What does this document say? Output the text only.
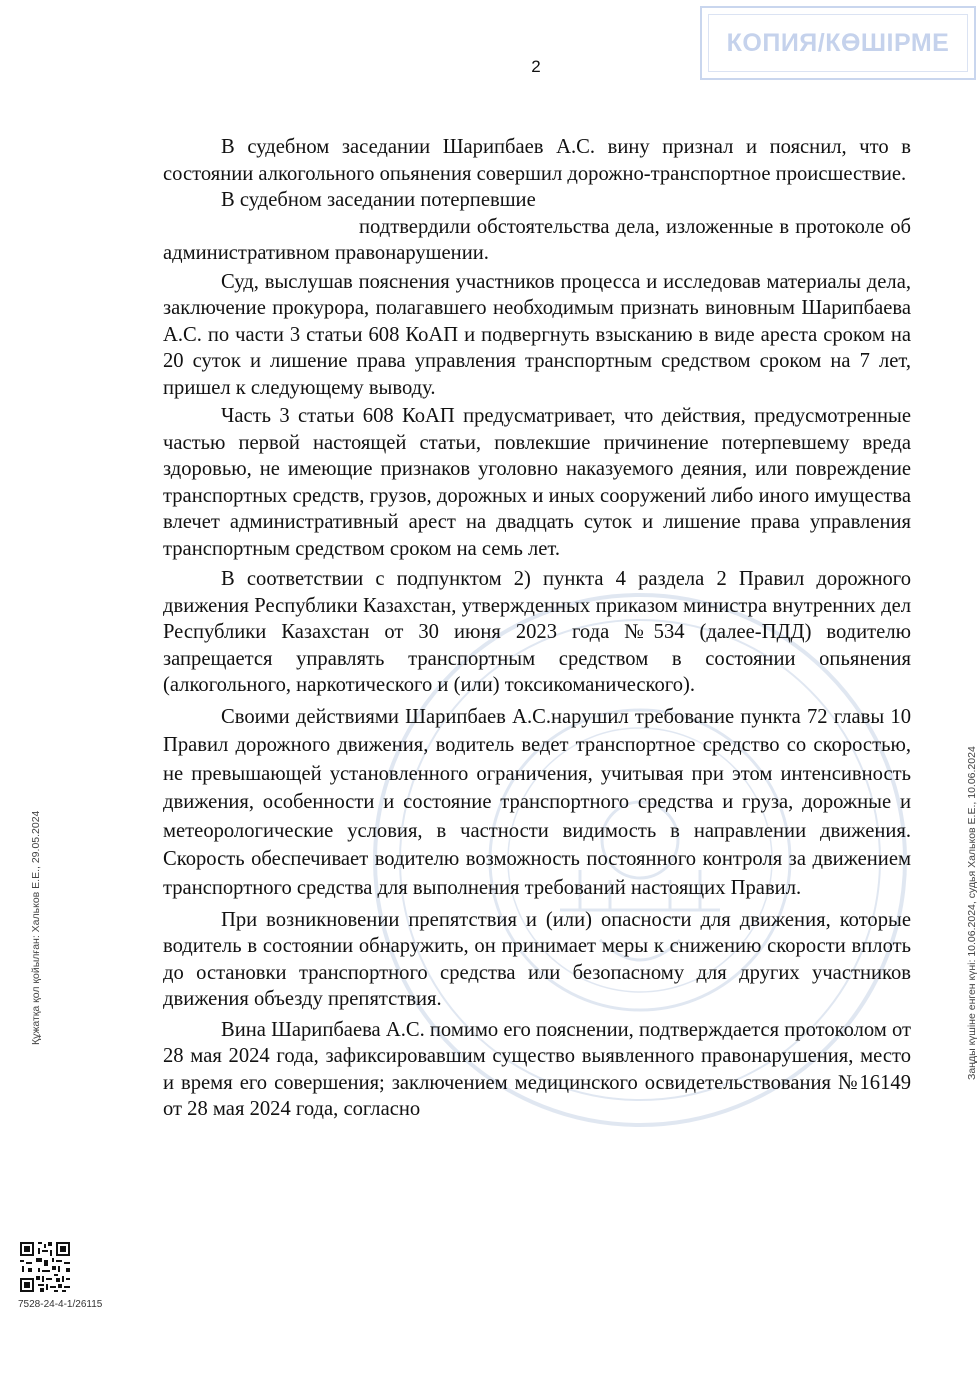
КОПИЯ/КӨШІРМЕ
2

В судебном заседании Шарипбаев А.С. вину признал и пояснил, что в состоянии алкогольного опьянения совершил дорожно-транспортное происшествие.

В судебном заседании потерпевшие

подтвердили обстоятельства дела, изложенные в протоколе об административном правонарушении.

Суд, выслушав пояснения участников процесса и исследовав материалы дела, заключение прокурора, полагавшего необходимым признать виновным Шарипбаева А.С. по части 3 статьи 608 КоАП и подвергнуть взысканию в виде ареста сроком на 20 суток и лишение права управления транспортным средством сроком на 7 лет, пришел к следующему выводу.

Часть 3 статьи 608 КоАП предусматривает, что действия, предусмотренные частью первой настоящей статьи, повлекшие причинение потерпевшему вреда здоровью, не имеющие признаков уголовно наказуемого деяния, или повреждение транспортных средств, грузов, дорожных и иных сооружений либо иного имущества влечет административный арест на двадцать суток и лишение права управления транспортным средством сроком на семь лет.

В соответствии с подпунктом 2) пункта 4 раздела 2 Правил дорожного движения Республики Казахстан, утвержденных приказом министра внутренних дел Республики Казахстан от 30 июня 2023 года №534 (далее-ПДД) водителю запрещается управлять транспортным средством в состоянии опьянения (алкогольного, наркотического и (или) токсикоманического).

Своими действиями Шарипбаев А.С.нарушил требование пункта 72 главы 10 Правил дорожного движения, водитель ведет транспортное средство со скоростью, не превышающей установленного ограничения, учитывая при этом интенсивность движения, особенности и состояние транспортного средства и груза, дорожные и метеорологические условия, в частности видимость в направлении движения. Скорость обеспечивает водителю возможность постоянного контроля за движением транспортного средства для выполнения требований настоящих Правил.

При возникновении препятствия и (или) опасности для движения, которые водитель в состоянии обнаружить, он принимает меры к снижению скорости вплоть до остановки транспортного средства или безопасному для других участников движения объезду препятствия.

Вина Шарипбаева А.С. помимо его пояснении, подтверждается протоколом от 28 мая 2024 года, зафиксировавшим существо выявленного правонарушения, место и время его совершения; заключением медицинского освидетельствования №16149 от 28 мая 2024 года, согласно

Құжатқа қол қойылған: Хальков Е.Е., 29.05.2024	Заңды күшіне енген күні: 10.06.2024, судья Хальков Е.Е., 10.06.2024
7528-24-4-1/26115
